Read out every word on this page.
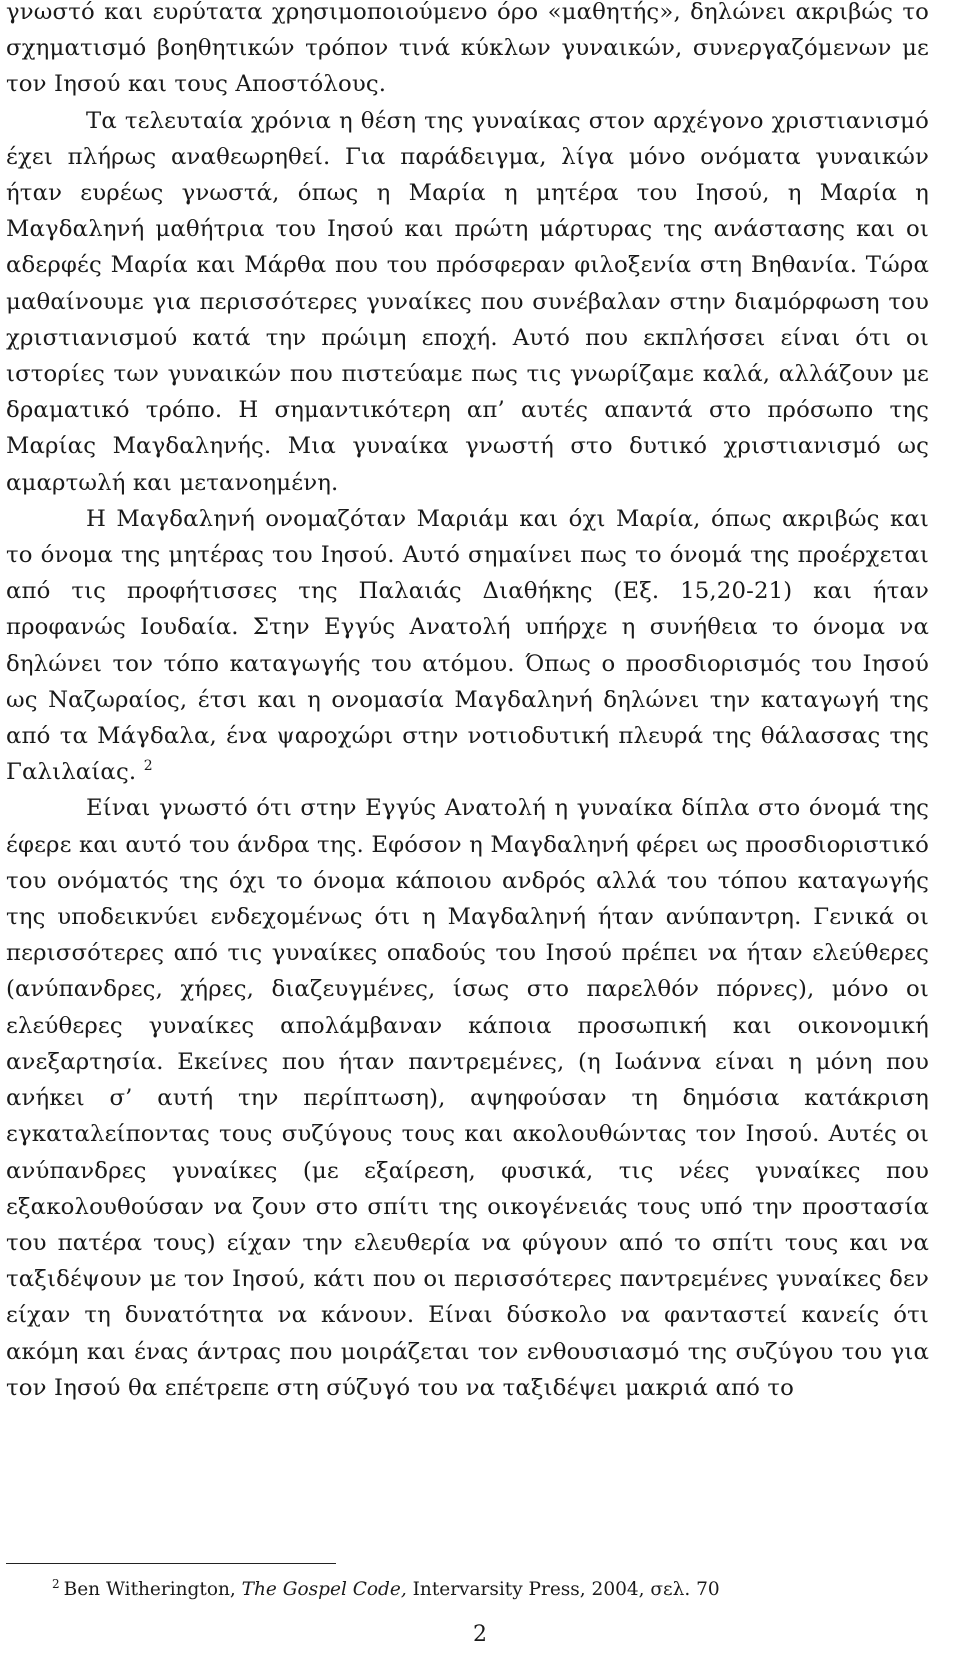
γνωστό και ευρύτατα χρησιμοποιούμενο όρο «μαθητής», δηλώνει ακριβώς το σχηματισμό βοηθητικών τρόπον τινά κύκλων γυναικών, συνεργαζόμενων με τον Ιησού και τους Αποστόλους.

Τα τελευταία χρόνια η θέση της γυναίκας στον αρχέγονο χριστιανισμό έχει πλήρως αναθεωρηθεί. Για παράδειγμα, λίγα μόνο ονόματα γυναικών ήταν ευρέως γνωστά, όπως η Μαρία η μητέρα του Ιησού, η Μαρία η Μαγδαληνή μαθήτρια του Ιησού και πρώτη μάρτυρας της ανάστασης και οι αδερφές Μαρία και Μάρθα που του πρόσφεραν φιλοξενία στη Βηθανία. Τώρα μαθαίνουμε για περισσότερες γυναίκες που συνέβαλαν στην διαμόρφωση του χριστιανισμού κατά την πρώιμη εποχή. Αυτό που εκπλήσσει είναι ότι οι ιστορίες των γυναικών που πιστεύαμε πως τις γνωρίζαμε καλά, αλλάζουν με δραματικό τρόπο. Η σημαντικότερη απ’ αυτές απαντά στο πρόσωπο της Μαρίας Μαγδαληνής. Μια γυναίκα γνωστή στο δυτικό χριστιανισμό ως αμαρτωλή και μετανοημένη.

Η Μαγδαληνή ονομαζόταν Μαριάμ και όχι Μαρία, όπως ακριβώς και το όνομα της μητέρας του Ιησού. Αυτό σημαίνει πως το όνομά της προέρχεται από τις προφήτισσες της Παλαιάς Διαθήκης (Εξ. 15,20-21) και ήταν προφανώς Ιουδαία. Στην Εγγύς Ανατολή υπήρχε η συνήθεια το όνομα να δηλώνει τον τόπο καταγωγής του ατόμου. Όπως ο προσδιορισμός του Ιησού ως Ναζωραίος, έτσι και η ονομασία Μαγδαληνή δηλώνει την καταγωγή της από τα Μάγδαλα, ένα ψαροχώρι στην νοτιοδυτική πλευρά της θάλασσας της Γαλιλαίας. $^2$

Είναι γνωστό ότι στην Εγγύς Ανατολή η γυναίκα δίπλα στο όνομά της έφερε και αυτό του άνδρα της. Εφόσον η Μαγδαληνή φέρει ως προσδιοριστικό του ονόματός της όχι το όνομα κάποιου ανδρός αλλά του τόπου καταγωγής της υποδεικνύει ενδεχομένως ότι η Μαγδαληνή ήταν ανύπαντρη. Γενικά οι περισσότερες από τις γυναίκες οπαδούς του Ιησού πρέπει να ήταν ελεύθερες (ανύπανδρες, χήρες, διαζευγμένες, ίσως στο παρελθόν πόρνες), μόνο οι ελεύθερες γυναίκες απολάμβαναν κάποια προσωπική και οικονομική ανεξαρτησία. Εκείνες που ήταν παντρεμένες, (η Ιωάννα είναι η μόνη που ανήκει σ’ αυτή την περίπτωση), αψηφούσαν τη δημόσια κατάκριση εγκαταλείποντας τους συζύγους τους και ακολουθώντας τον Ιησού. Αυτές οι ανύπανδρες γυναίκες (με εξαίρεση, φυσικά, τις νέες γυναίκες που εξακολουθούσαν να ζουν στο σπίτι της οικογένειάς τους υπό την προστασία του πατέρα τους) είχαν την ελευθερία να φύγουν από το σπίτι τους και να ταξιδέψουν με τον Ιησού, κάτι που οι περισσότερες παντρεμένες γυναίκες δεν είχαν τη δυνατότητα να κάνουν. Είναι δύσκολο να φανταστεί κανείς ότι ακόμη και ένας άντρας που μοιράζεται τον ενθουσιασμό της συζύγου του για τον Ιησού θα επέτρεπε στη σύζυγό του να ταξιδέψει μακριά από το

$^2$ Ben Witherington, The Gospel Code, Intervarsity Press, 2004, σελ. 70
2
